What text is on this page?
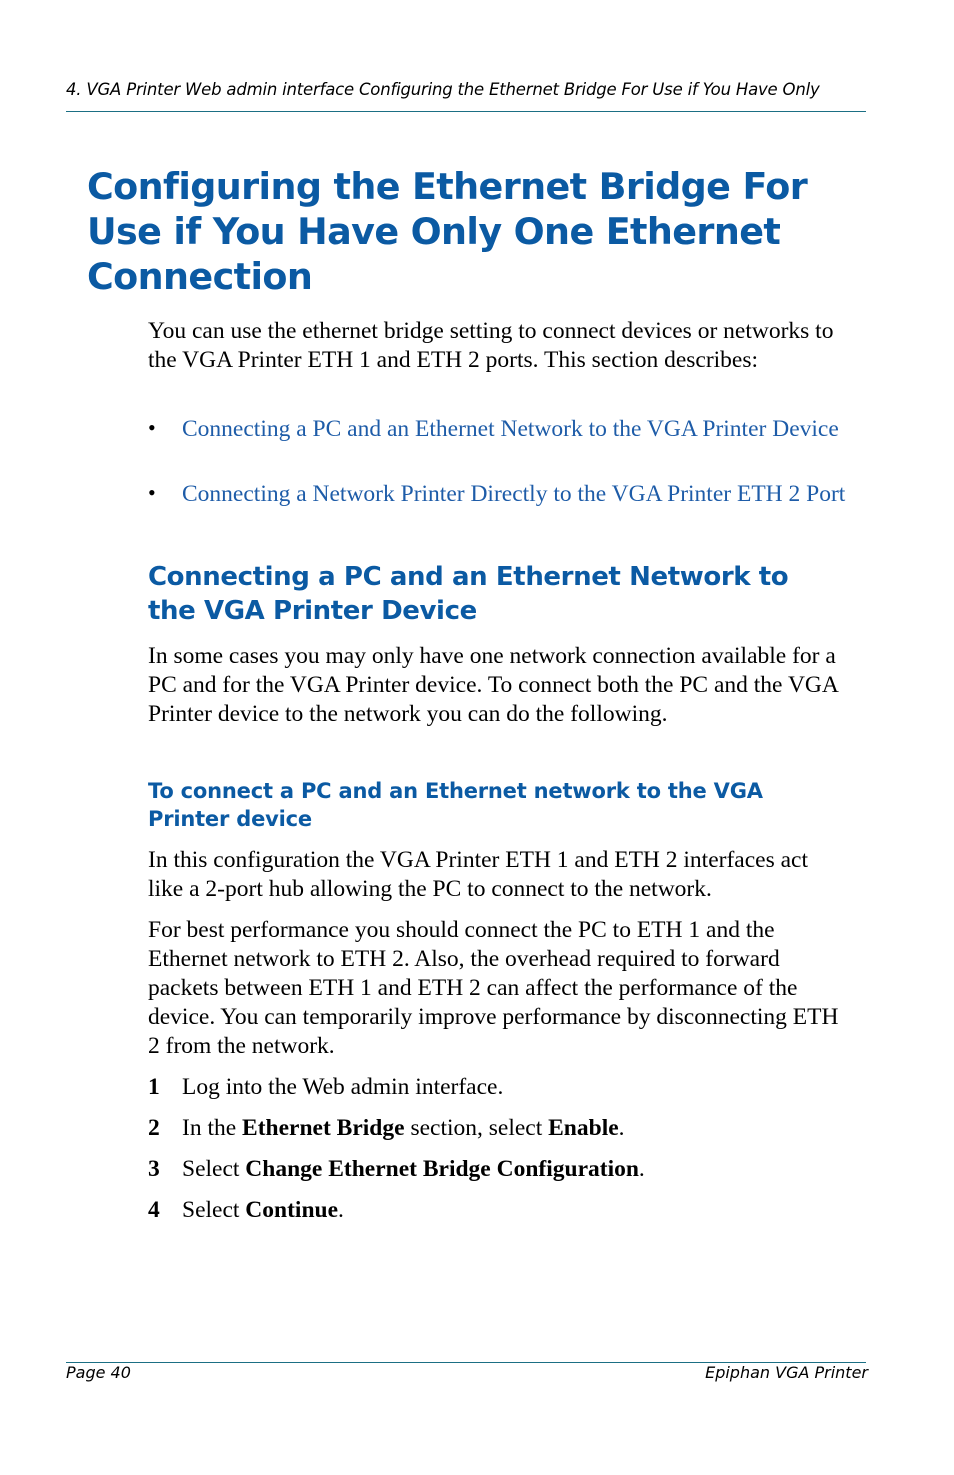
4. VGA Printer Web admin interface Configuring the Ethernet Bridge For Use if You Have Only
Configuring the Ethernet Bridge For Use if You Have Only One Ethernet Connection

You can use the ethernet bridge setting to connect devices or networks to the VGA Printer ETH 1 and ETH 2 ports. This section describes:

• Connecting a PC and an Ethernet Network to the VGA Printer Device
• Connecting a Network Printer Directly to the VGA Printer ETH 2 Port
Connecting a PC and an Ethernet Network to the VGA Printer Device

In some cases you may only have one network connection available for a PC and for the VGA Printer device. To connect both the PC and the VGA Printer device to the network you can do the following.

To connect a PC and an Ethernet network to the VGA Printer device

In this configuration the VGA Printer ETH 1 and ETH 2 interfaces act like a 2-port hub allowing the PC to connect to the network.

For best performance you should connect the PC to ETH 1 and the Ethernet network to ETH 2. Also, the overhead required to forward packets between ETH 1 and ETH 2 can affect the performance of the device. You can temporarily improve performance by disconnecting ETH 2 from the network.

1 Log into the Web admin interface.
2 In the Ethernet Bridge section, select Enable.
3 Select Change Ethernet Bridge Configuration.
4 Select Continue.
Page 40	Epiphan VGA Printer
